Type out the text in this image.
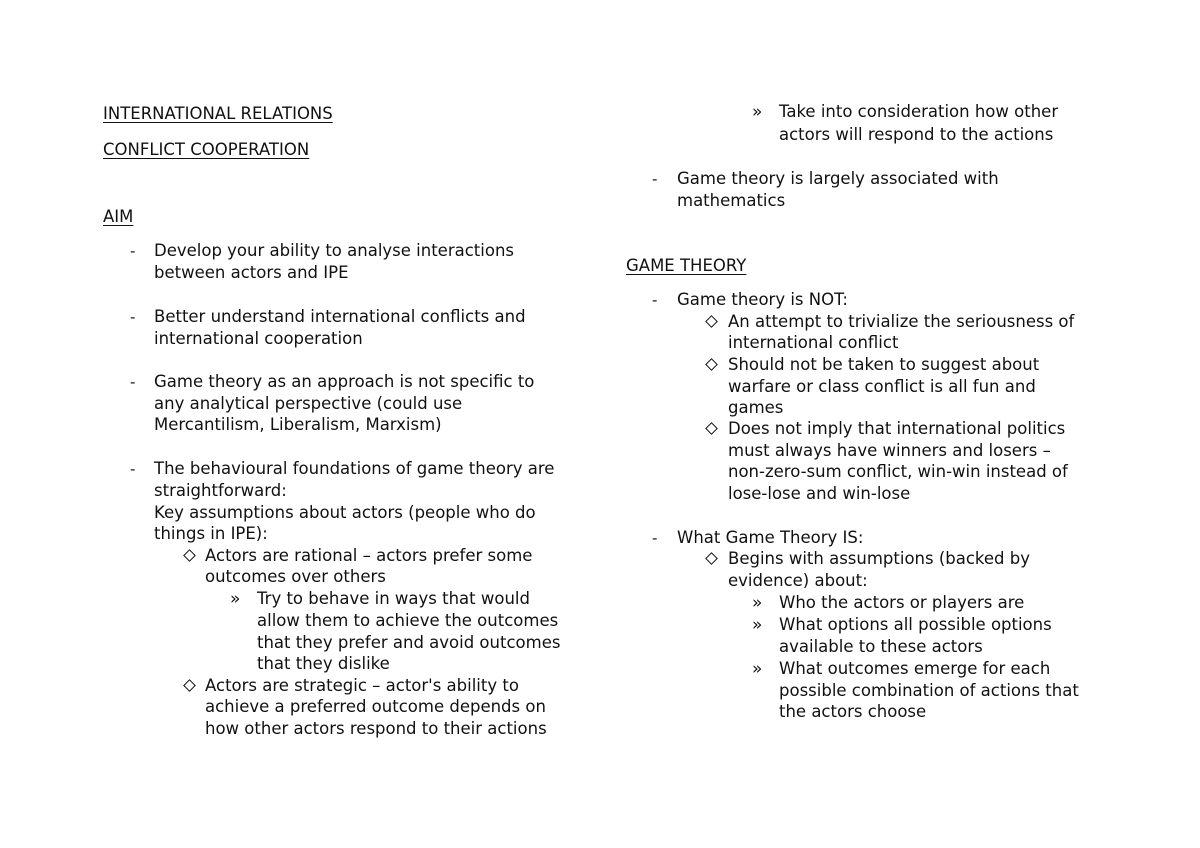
INTERNATIONAL RELATIONS
CONFLICT COOPERATION
AIM
- Develop your ability to analyse interactions
between actors and IPE
- Better understand international conflicts and
international cooperation
- Game theory as an approach is not specific to
any analytical perspective (could use
Mercantilism, Liberalism, Marxism)
- The behavioural foundations of game theory are
straightforward:
Key assumptions about actors (people who do
things in IPE):
Actors are rational – actors prefer some
outcomes over others
» Try to behave in ways that would
allow them to achieve the outcomes
that they prefer and avoid outcomes
that they dislike
Actors are strategic – actor's ability to
achieve a preferred outcome depends on
how other actors respond to their actions
» Take into consideration how other
actors will respond to the actions
- Game theory is largely associated with
mathematics
GAME THEORY
- Game theory is NOT:
An attempt to trivialize the seriousness of
international conflict
Should not be taken to suggest about
warfare or class conflict is all fun and
games
Does not imply that international politics
must always have winners and losers –
non-zero-sum conflict, win-win instead of
lose-lose and win-lose
- What Game Theory IS:
Begins with assumptions (backed by
evidence) about:
» Who the actors or players are
» What options all possible options
available to these actors
» What outcomes emerge for each
possible combination of actions that
the actors choose
